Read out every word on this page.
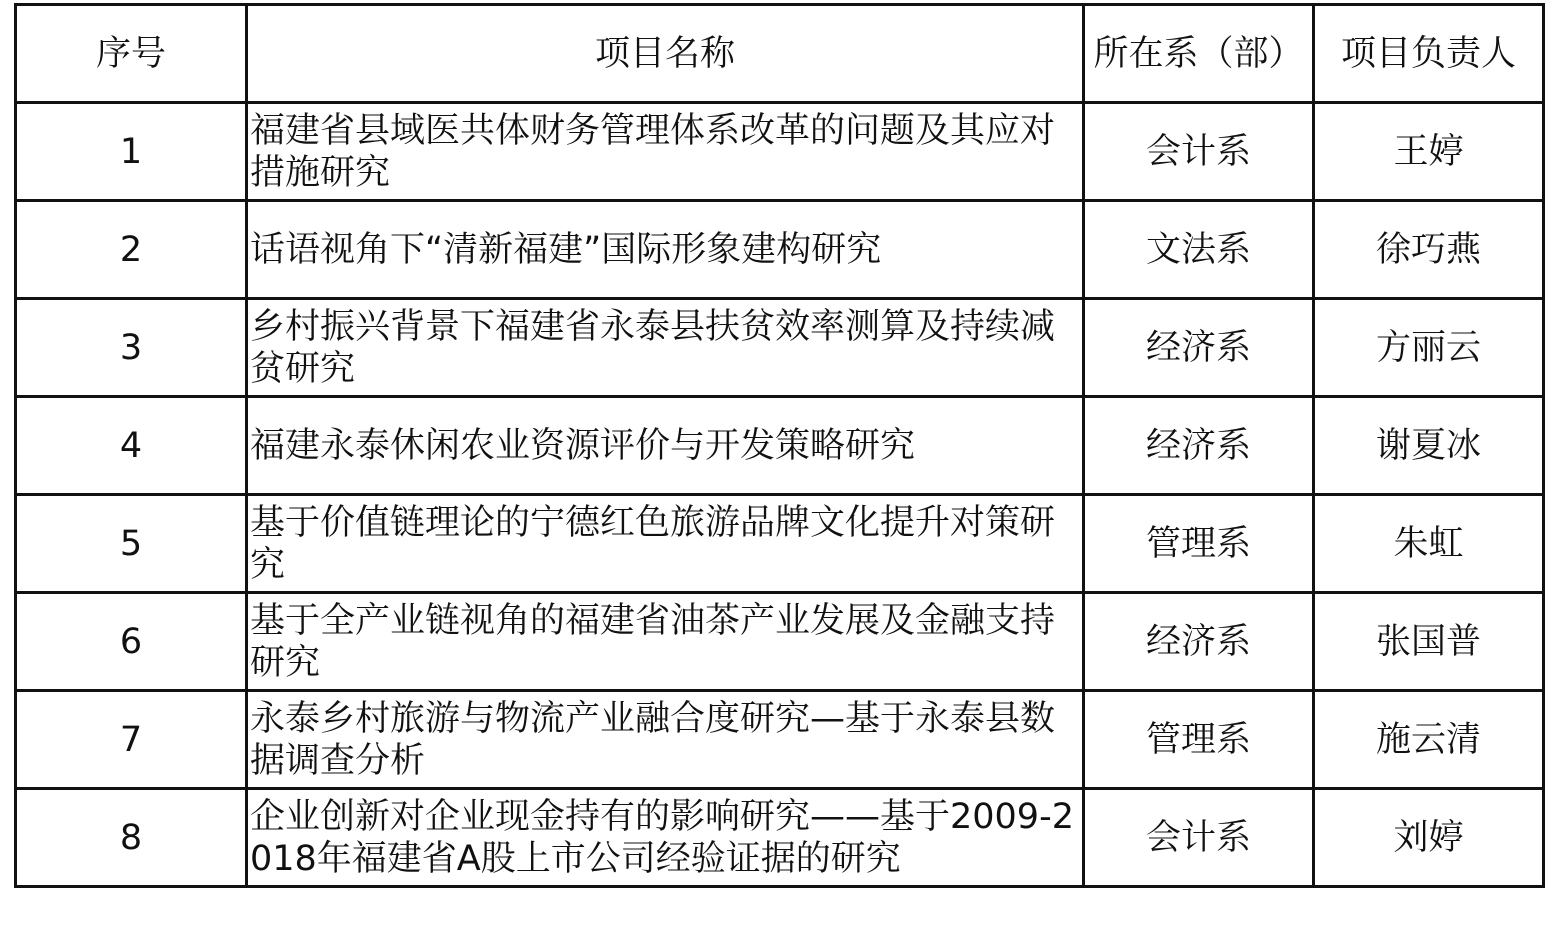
序号	项目名称	所在系（部）	项目负责人
1	福建省县域医共体财务管理体系改革的问题及其应对措施研究	会计系	王婷
2	话语视角下“清新福建”国际形象建构研究	文法系	徐巧燕
3	乡村振兴背景下福建省永泰县扶贫效率测算及持续减贫研究	经济系	方丽云
4	福建永泰休闲农业资源评价与开发策略研究	经济系	谢夏冰
5	基于价值链理论的宁德红色旅游品牌文化提升对策研究	管理系	朱虹
6	基于全产业链视角的福建省油茶产业发展及金融支持研究	经济系	张国普
7	永泰乡村旅游与物流产业融合度研究—基于永泰县数据调查分析	管理系	施云清
8	企业创新对企业现金持有的影响研究——基于2009-2018年福建省A股上市公司经验证据的研究	会计系	刘婷
